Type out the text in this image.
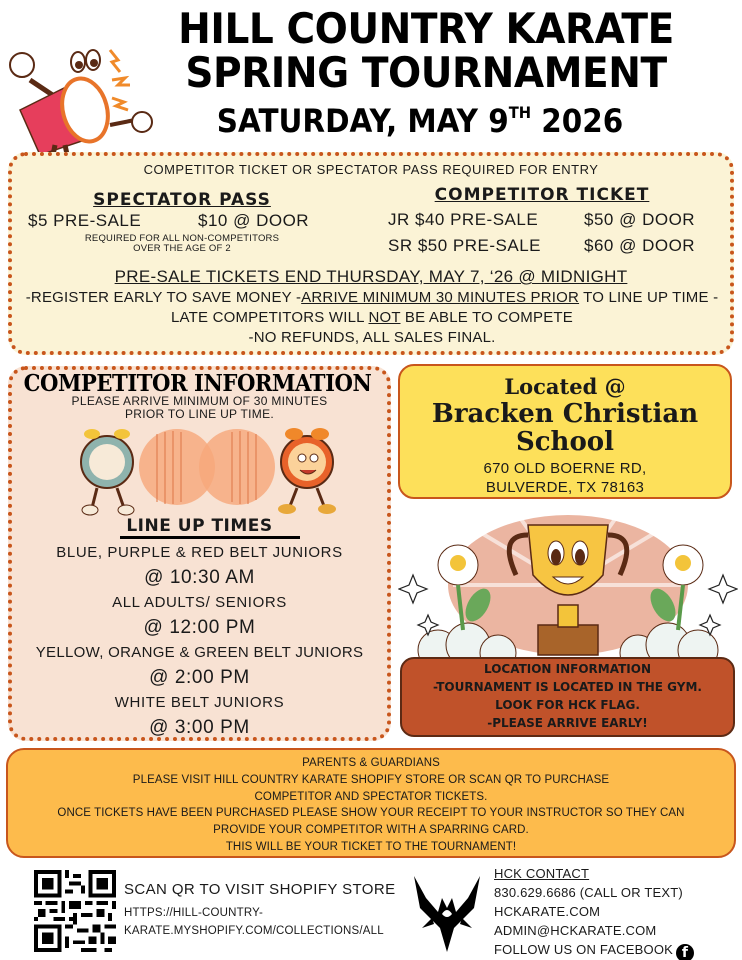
HILL COUNTRY KARATE
SPRING TOURNAMENT
SATURDAY, MAY 9TH 2026
COMPETITOR TICKET OR SPECTATOR PASS REQUIRED FOR ENTRY
SPECTATOR PASS
$5 PRE-SALE	$10 @ DOOR
REQUIRED FOR ALL NON-COMPETITORS
OVER THE AGE OF 2
COMPETITOR TICKET
JR $40 PRE-SALE	$50 @ DOOR
SR $50 PRE-SALE	$60 @ DOOR
PRE-SALE TICKETS END THURSDAY, MAY 7, ‘26 @ MIDNIGHT
-REGISTER EARLY TO SAVE MONEY -ARRIVE MINIMUM 30 MINUTES PRIOR TO LINE UP TIME -LATE COMPETITORS WILL NOT BE ABLE TO COMPETE
-NO REFUNDS, ALL SALES FINAL.
COMPETITOR INFORMATION
PLEASE ARRIVE MINIMUM OF 30 MINUTES
PRIOR TO LINE UP TIME.
LINE UP TIMES
BLUE, PURPLE & RED BELT JUNIORS
@ 10:30 AM
ALL ADULTS/ SENIORS
@ 12:00 PM
YELLOW, ORANGE & GREEN BELT JUNIORS
@ 2:00 PM
WHITE BELT JUNIORS
@ 3:00 PM
Located @
Bracken Christian
School
670 OLD BOERNE RD,
BULVERDE, TX 78163
LOCATION INFORMATION
-TOURNAMENT IS LOCATED IN THE GYM.
LOOK FOR HCK FLAG.
-PLEASE ARRIVE EARLY!
PARENTS & GUARDIANS
PLEASE VISIT HILL COUNTRY KARATE SHOPIFY STORE OR SCAN QR TO PURCHASE
COMPETITOR AND SPECTATOR TICKETS.
ONCE TICKETS HAVE BEEN PURCHASED PLEASE SHOW YOUR RECEIPT TO YOUR INSTRUCTOR SO THEY CAN
PROVIDE YOUR COMPETITOR WITH A SPARRING CARD.
THIS WILL BE YOUR TICKET TO THE TOURNAMENT!
SCAN QR TO VISIT SHOPIFY STORE
HTTPS://HILL-COUNTRY-
KARATE.MYSHOPIFY.COM/COLLECTIONS/ALL
HCK CONTACT
830.629.6686 (CALL OR TEXT)
HCKARATE.COM
ADMIN@HCKARATE.COM
FOLLOW US ON FACEBOOK f
